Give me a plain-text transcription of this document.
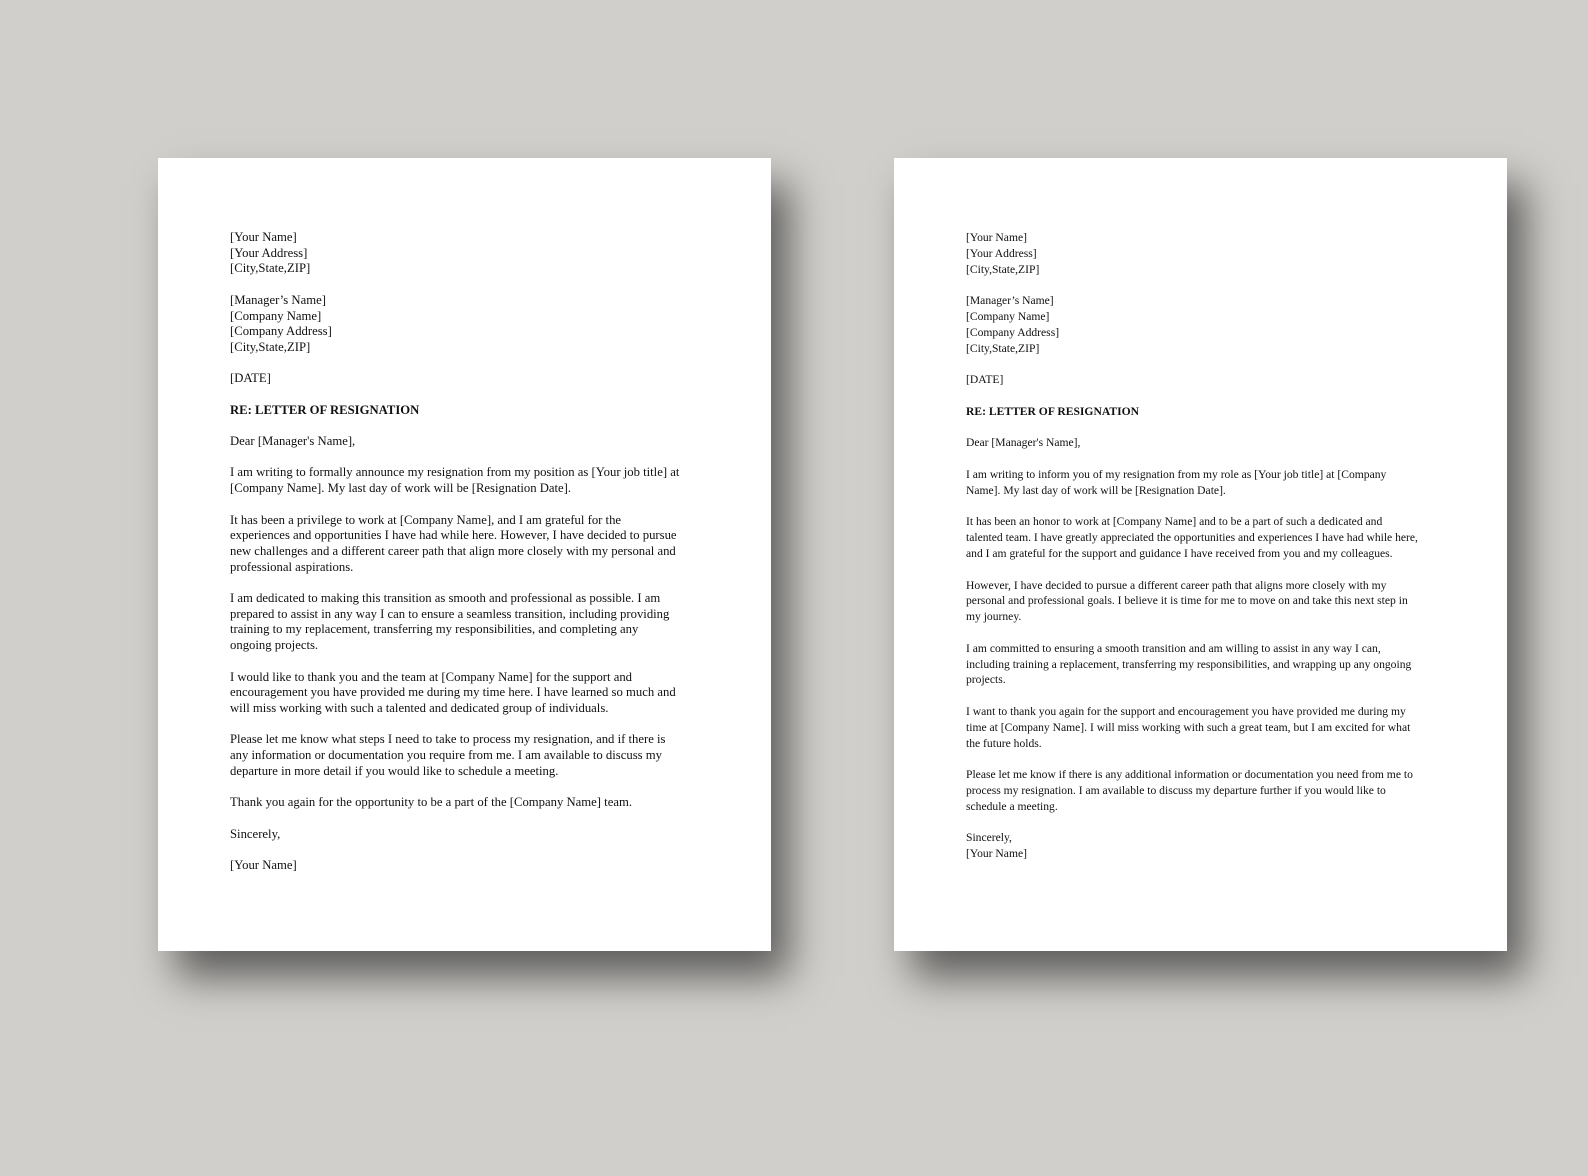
[Your Name]
[Your Address]
[City,State,ZIP]
[Manager’s Name]
[Company Name]
[Company Address]
[City,State,ZIP]
[DATE]
RE: LETTER OF RESIGNATION
Dear [Manager's Name],
I am writing to formally announce my resignation from my position as [Your job title] at
[Company Name]. My last day of work will be [Resignation Date].
It has been a privilege to work at [Company Name], and I am grateful for the
experiences and opportunities I have had while here. However, I have decided to pursue
new challenges and a different career path that align more closely with my personal and
professional aspirations.
I am dedicated to making this transition as smooth and professional as possible. I am
prepared to assist in any way I can to ensure a seamless transition, including providing
training to my replacement, transferring my responsibilities, and completing any
ongoing projects.
I would like to thank you and the team at [Company Name] for the support and
encouragement you have provided me during my time here. I have learned so much and
will miss working with such a talented and dedicated group of individuals.
Please let me know what steps I need to take to process my resignation, and if there is
any information or documentation you require from me. I am available to discuss my
departure in more detail if you would like to schedule a meeting.
Thank you again for the opportunity to be a part of the [Company Name] team.
Sincerely,
[Your Name]
[Your Name]
[Your Address]
[City,State,ZIP]
[Manager’s Name]
[Company Name]
[Company Address]
[City,State,ZIP]
[DATE]
RE: LETTER OF RESIGNATION
Dear [Manager's Name],
I am writing to inform you of my resignation from my role as [Your job title] at [Company
Name]. My last day of work will be [Resignation Date].
It has been an honor to work at [Company Name] and to be a part of such a dedicated and
talented team. I have greatly appreciated the opportunities and experiences I have had while here,
and I am grateful for the support and guidance I have received from you and my colleagues.
However, I have decided to pursue a different career path that aligns more closely with my
personal and professional goals. I believe it is time for me to move on and take this next step in
my journey.
I am committed to ensuring a smooth transition and am willing to assist in any way I can,
including training a replacement, transferring my responsibilities, and wrapping up any ongoing
projects.
I want to thank you again for the support and encouragement you have provided me during my
time at [Company Name]. I will miss working with such a great team, but I am excited for what
the future holds.
Please let me know if there is any additional information or documentation you need from me to
process my resignation. I am available to discuss my departure further if you would like to
schedule a meeting.
Sincerely,
[Your Name]
